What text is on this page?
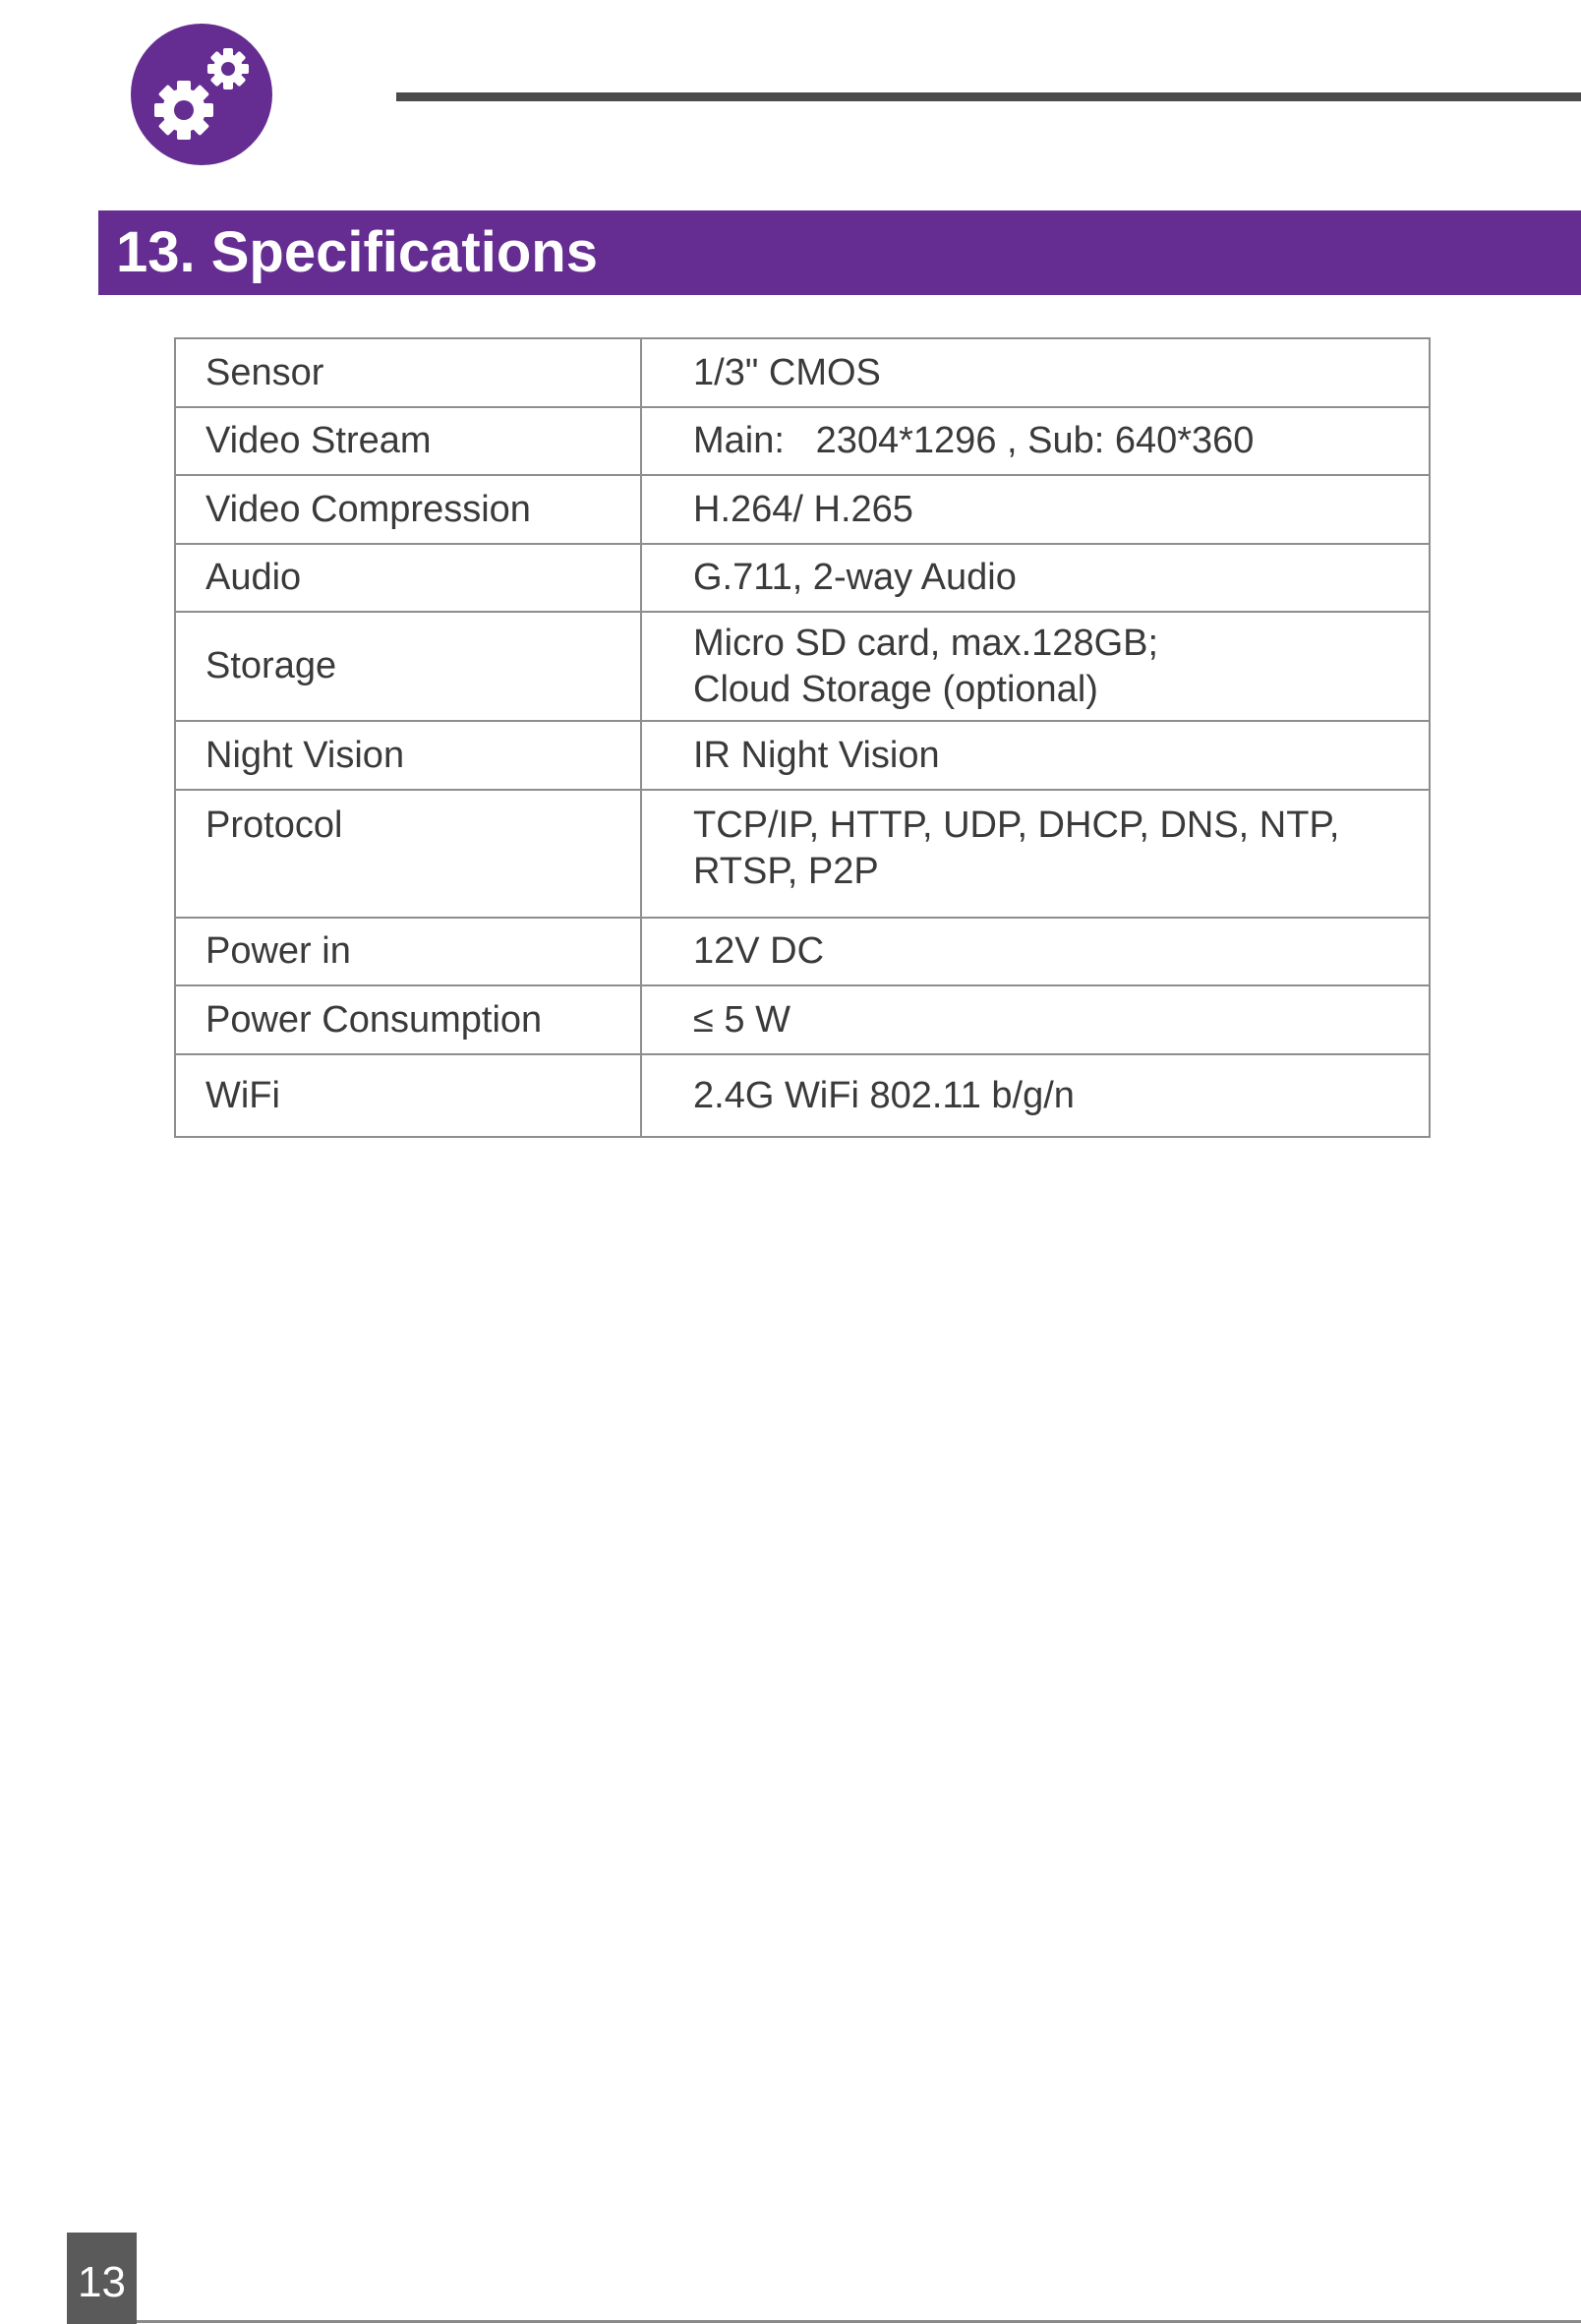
13. Specifications
Sensor	1/3" CMOS

Video Stream	Main:   2304*1296 , Sub: 640*360

Video Compression	H.264/ H.265

Audio	G.711, 2-way Audio

Storage	Micro SD card, max.128GB;
Cloud Storage (optional)

Night Vision	IR Night Vision

Protocol	TCP/IP, HTTP, UDP, DHCP, DNS, NTP,
RTSP, P2P

Power in	12V DC

Power Consumption	≤ 5 W

WiFi	2.4G WiFi 802.11 b/g/n
13
